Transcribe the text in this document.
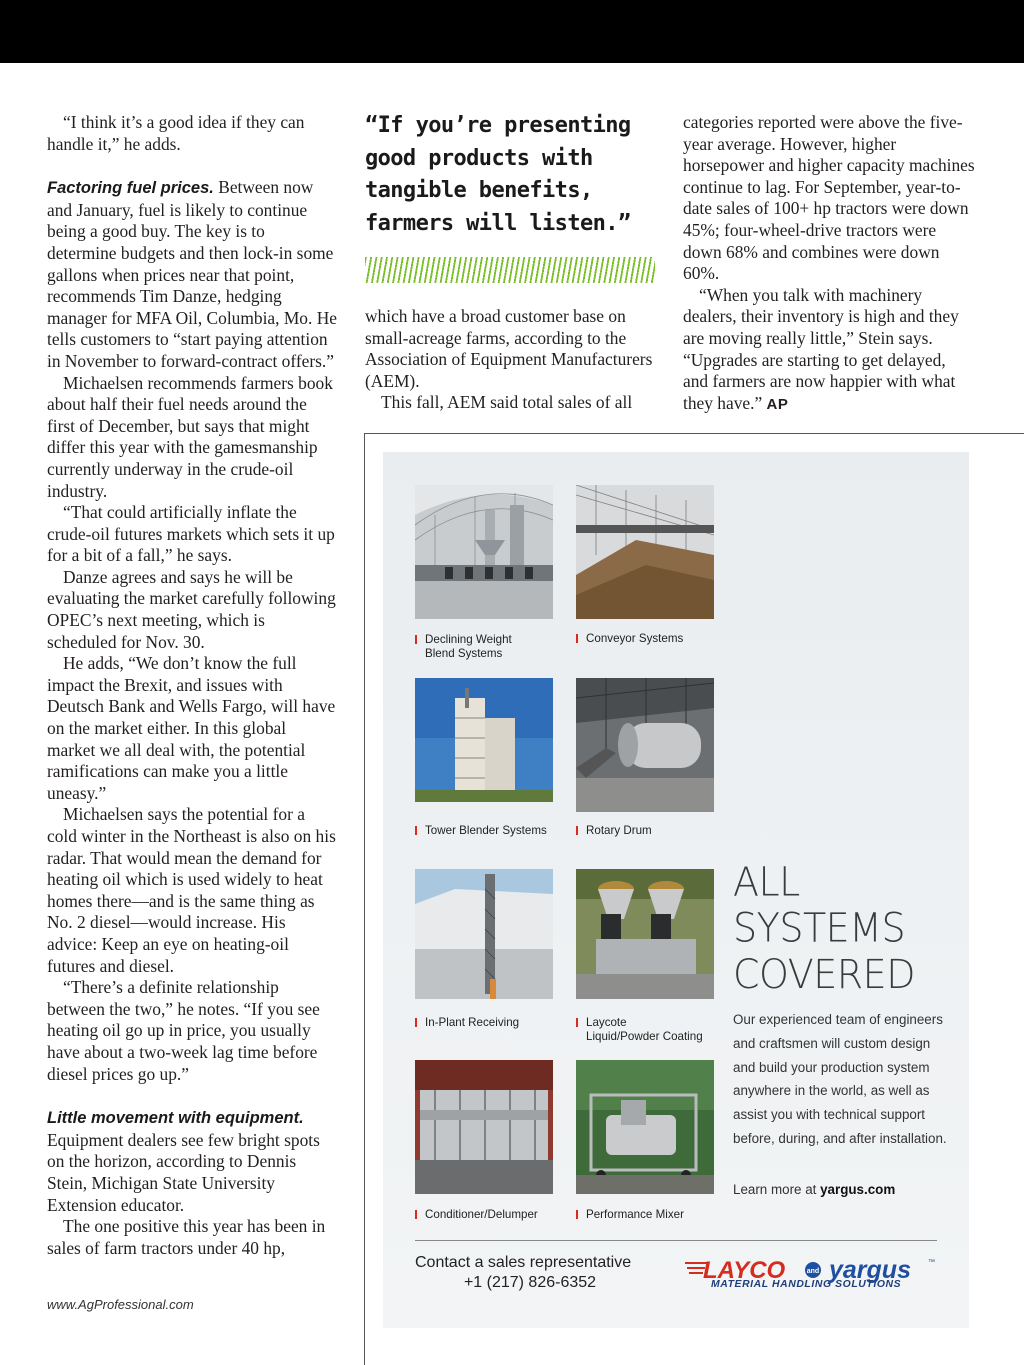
“I think it’s a good idea if they can handle it,” he adds.

Factoring fuel prices. Between now and January, fuel is likely to continue being a good buy. The key is to determine budgets and then lock-in some gallons when prices near that point, recommends Tim Danze, hedging manager for MFA Oil, Columbia, Mo. He tells customers to “start paying attention in November to forward-contract offers.”

Michaelsen recommends farmers book about half their fuel needs around the first of December, but says that might differ this year with the gamesmanship currently underway in the crude-oil industry.

“That could artificially inflate the crude-oil futures markets which sets it up for a bit of a fall,” he says.

Danze agrees and says he will be evaluating the market carefully following OPEC’s next meeting, which is scheduled for Nov. 30.

He adds, “We don’t know the full impact the Brexit, and issues with Deutsch Bank and Wells Fargo, will have on the market either. In this global market we all deal with, the potential ramifications can make you a little uneasy.”

Michaelsen says the potential for a cold winter in the Northeast is also on his radar. That would mean the demand for heating oil which is used widely to heat homes there—and is the same thing as No. 2 diesel—would increase. His advice: Keep an eye on heating-oil futures and diesel.

“There’s a definite relationship between the two,” he notes. “If you see heating oil go up in price, you usually have about a two-week lag time before diesel prices go up.”

Little movement with equipment. Equipment dealers see few bright spots on the horizon, according to Dennis Stein, Michigan State University Extension educator.

The one positive this year has been in sales of farm tractors under 40 hp,

“If you’re presenting good products with tangible benefits, farmers will listen.”

which have a broad customer base on small-acreage farms, according to the Association of Equipment Manufacturers (AEM).

This fall, AEM said total sales of all

categories reported were above the five-year average. However, higher horsepower and higher capacity machines continue to lag. For September, year-to-date sales of 100+ hp tractors were down 45%; four-wheel-drive tractors were down 68% and combines were down 60%.

“When you talk with machinery dealers, their inventory is high and they are moving really little,” Stein says. “Upgrades are starting to get delayed, and farmers are now happier with what they have.” AP

www.AgProfessional.com
Declining Weight
Blend Systems
Conveyor Systems
Tower Blender Systems	Rotary Drum
In-Plant Receiving	Laycote
Liquid/Powder Coating
Conditioner/Delumper	Performance Mixer
ALL
SYSTEMS
COVERED
Our experienced team of engineers and craftsmen will custom design and build your production system anywhere in the world, as well as assist you with technical support before, during, and after installation.
Learn more at yargus.com
Contact a sales representative
+1 (217) 826-6352	LAYCO	and yargus ™
MATERIAL HANDLING SOLUTIONS
